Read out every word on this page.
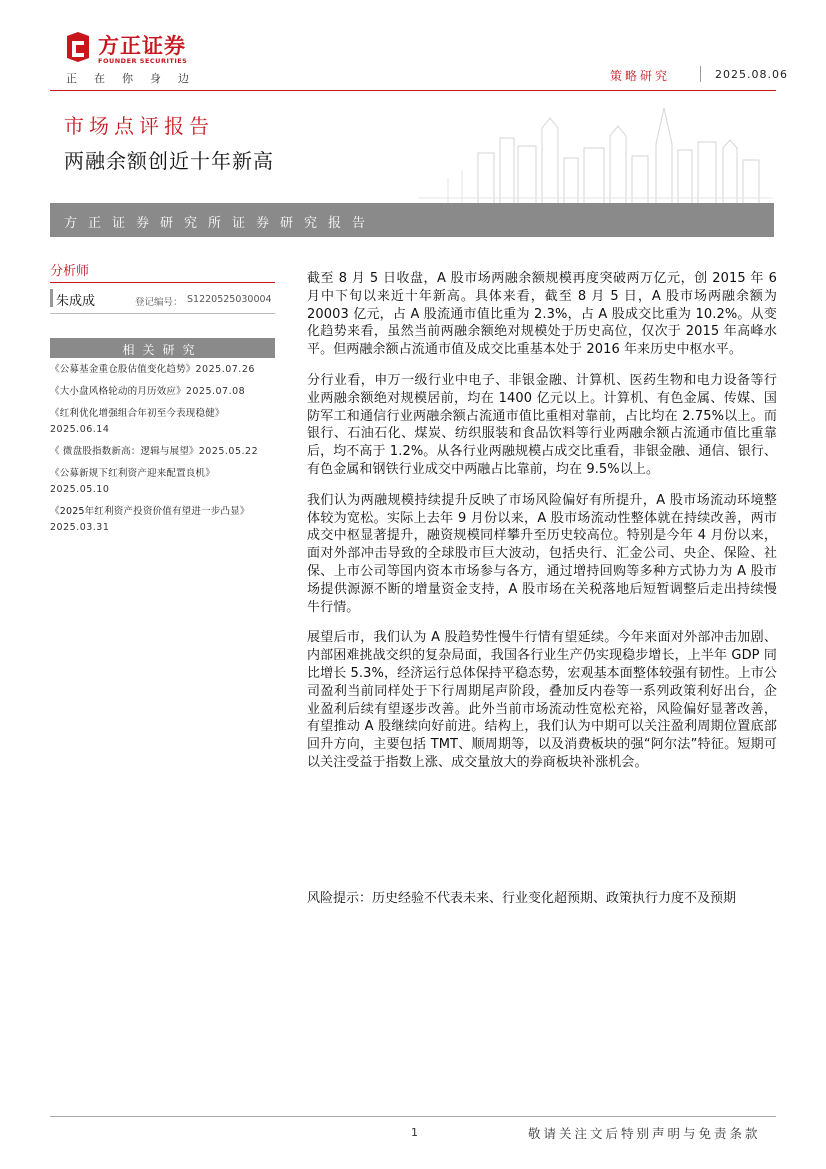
方正证券
FOUNDER SECURITIES
正在你身边	策略研究	2025.08.06
市场点评报告
两融余额创近十年新高
方正证券研究所证券研究报告
分析师
朱成成	登记编号： S1220525030004
相关研究
《公募基金重仓股估值变化趋势》2025.07.26
《大小盘风格轮动的月历效应》2025.07.08
《红利优化增强组合年初至今表现稳健》
2025.06.14
《 微盘股指数新高：逻辑与展望》2025.05.22
《公募新规下红利资产迎来配置良机》
2025.05.10
《2025年红利资产投资价值有望进一步凸显》
2025.03.31

截至 8 月 5 日收盘，A 股市场两融余额规模再度突破两万亿元，创 2015 年 6 月中下旬以来近十年新高。具体来看，截至 8 月 5 日，A 股市场两融余额为 20003 亿元，占 A 股流通市值比重为 2.3%，占 A 股成交比重为 10.2%。从变化趋势来看，虽然当前两融余额绝对规模处于历史高位，仅次于 2015 年高峰水平。但两融余额占流通市值及成交比重基本处于 2016 年来历史中枢水平。

分行业看，申万一级行业中电子、非银金融、计算机、医药生物和电力设备等行业两融余额绝对规模居前，均在 1400 亿元以上。计算机、有色金属、传媒、国防军工和通信行业两融余额占流通市值比重相对靠前，占比均在 2.75%以上。而银行、石油石化、煤炭、纺织服装和食品饮料等行业两融余额占流通市值比重靠后，均不高于 1.2%。从各行业两融规模占成交比重看，非银金融、通信、银行、有色金属和钢铁行业成交中两融占比靠前，均在 9.5%以上。

我们认为两融规模持续提升反映了市场风险偏好有所提升，A 股市场流动环境整体较为宽松。实际上去年 9 月份以来，A 股市场流动性整体就在持续改善，两市成交中枢显著提升，融资规模同样攀升至历史较高位。特别是今年 4 月份以来，面对外部冲击导致的全球股市巨大波动，包括央行、汇金公司、央企、保险、社保、上市公司等国内资本市场参与各方，通过增持回购等多种方式协力为 A 股市场提供源源不断的增量资金支持，A 股市场在关税落地后短暂调整后走出持续慢牛行情。

展望后市，我们认为 A 股趋势性慢牛行情有望延续。今年来面对外部冲击加剧、内部困难挑战交织的复杂局面，我国各行业生产仍实现稳步增长，上半年 GDP 同比增长 5.3%，经济运行总体保持平稳态势，宏观基本面整体较强有韧性。上市公司盈利当前同样处于下行周期尾声阶段，叠加反内卷等一系列政策利好出台，企业盈利后续有望逐步改善。此外当前市场流动性宽松充裕，风险偏好显著改善，有望推动 A 股继续向好前进。结构上，我们认为中期可以关注盈利周期位置底部回升方向，主要包括 TMT、顺周期等，以及消费板块的强“阿尔法”特征。短期可以关注受益于指数上涨、成交量放大的券商板块补涨机会。

风险提示：历史经验不代表未来、行业变化超预期、政策执行力度不及预期
1	敬请关注文后特别声明与免责条款
